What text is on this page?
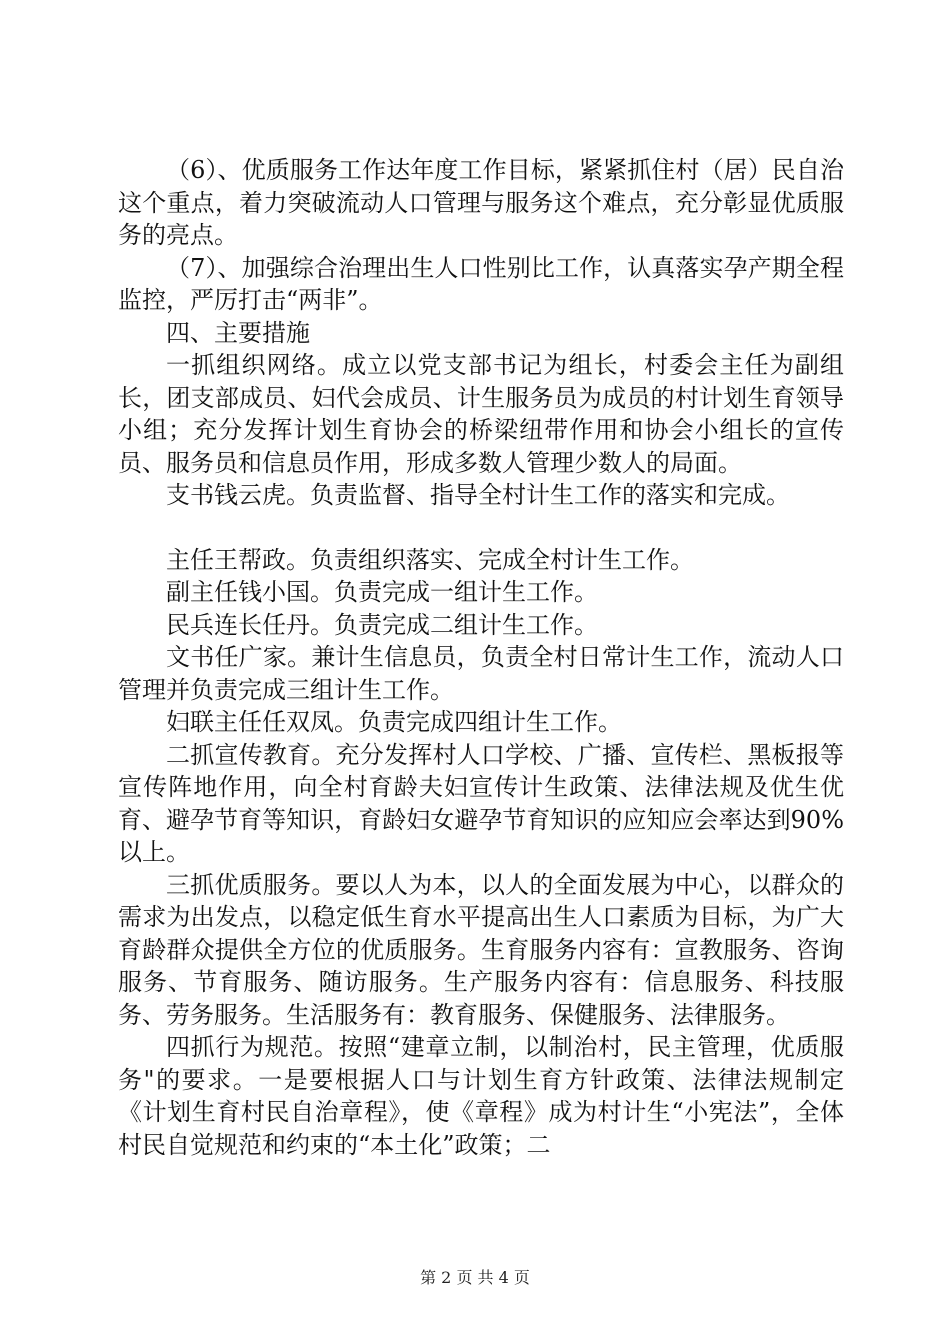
（6）、优质服务工作达年度工作目标，紧紧抓住村（居）民自治这个重点，着力突破流动人口管理与服务这个难点，充分彰显优质服务的亮点。

（7）、加强综合治理出生人口性别比工作，认真落实孕产期全程监控，严厉打击“两非”。

四、主要措施

一抓组织网络。成立以党支部书记为组长，村委会主任为副组长，团支部成员、妇代会成员、计生服务员为成员的村计划生育领导小组；充分发挥计划生育协会的桥梁纽带作用和协会小组长的宣传员、服务员和信息员作用，形成多数人管理少数人的局面。

支书钱云虎。负责监督、指导全村计生工作的落实和完成。

主任王帮政。负责组织落实、完成全村计生工作。

副主任钱小国。负责完成一组计生工作。

民兵连长任丹。负责完成二组计生工作。

文书任广家。兼计生信息员，负责全村日常计生工作，流动人口管理并负责完成三组计生工作。

妇联主任任双凤。负责完成四组计生工作。

二抓宣传教育。充分发挥村人口学校、广播、宣传栏、黑板报等宣传阵地作用，向全村育龄夫妇宣传计生政策、法律法规及优生优育、避孕节育等知识，育龄妇女避孕节育知识的应知应会率达到90%以上。

三抓优质服务。要以人为本，以人的全面发展为中心，以群众的需求为出发点，以稳定低生育水平提高出生人口素质为目标，为广大育龄群众提供全方位的优质服务。生育服务内容有：宣教服务、咨询服务、节育服务、随访服务。生产服务内容有：信息服务、科技服务、劳务服务。生活服务有：教育服务、保健服务、法律服务。

四抓行为规范。按照“建章立制，以制治村，民主管理，优质服务"的要求。一是要根据人口与计划生育方针政策、法律法规制定《计划生育村民自治章程》，使《章程》成为村计生“小宪法”，全体村民自觉规范和约束的“本土化”政策；二

第 2 页 共 4 页
